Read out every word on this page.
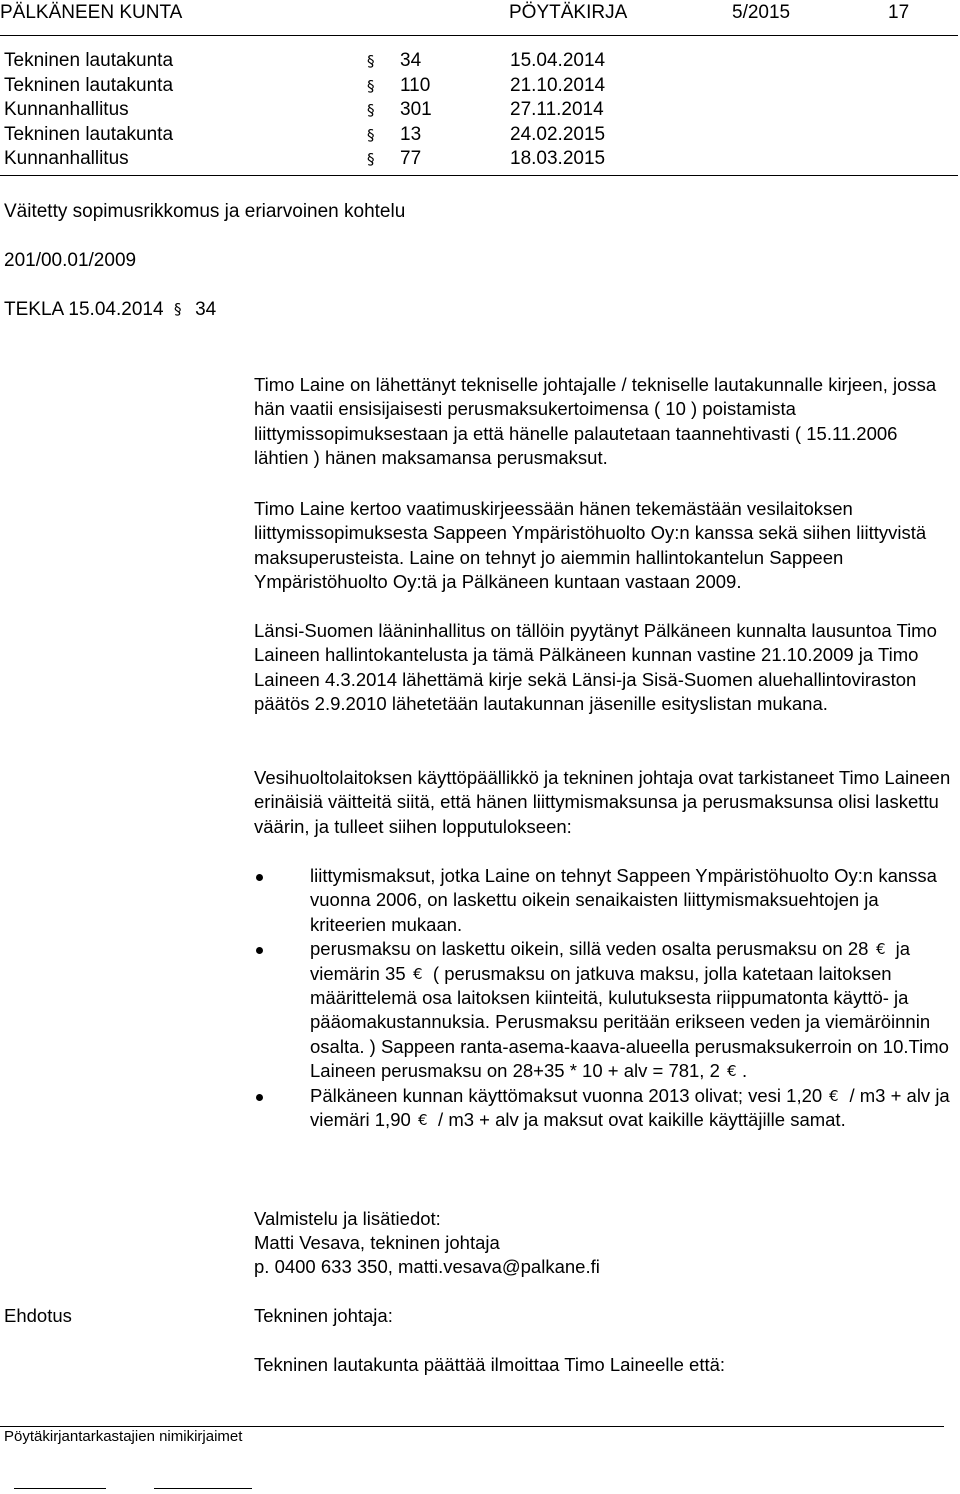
PÄLKÄNEEN KUNTA	PÖYTÄKIRJA	5/2015	17
Tekninen lautakunta	§ 34	15.04.2014
Tekninen lautakunta	§ 110	21.10.2014
Kunnanhallitus	§ 301	27.11.2014
Tekninen lautakunta	§ 13	24.02.2015
Kunnanhallitus	§ 77	18.03.2015
Väitetty sopimusrikkomus ja eriarvoinen kohtelu
201/00.01/2009
TEKLA 15.04.2014 § 34

Timo Laine on lähettänyt tekniselle johtajalle / tekniselle lautakunnalle kirjeen, jossa hän vaatii ensisijaisesti perusmaksukertoimensa ( 10 ) poistamista liittymissopimuksestaan ja että hänelle palautetaan taannehtivasti ( 15.11.2006 lähtien ) hänen maksamansa perusmaksut.

Timo Laine kertoo vaatimuskirjeessään hänen tekemästään vesilaitoksen liittymissopimuksesta Sappeen Ympäristöhuolto Oy:n kanssa sekä siihen liittyvistä maksuperusteista. Laine on tehnyt jo aiemmin hallintokantelun Sappeen Ympäristöhuolto Oy:tä ja Pälkäneen kuntaan vastaan 2009.

Länsi-Suomen lääninhallitus on tällöin pyytänyt Pälkäneen kunnalta lausuntoa Timo Laineen hallintokantelusta ja tämä Pälkäneen kunnan vastine 21.10.2009 ja Timo Laineen 4.3.2014 lähettämä kirje sekä Länsi-ja Sisä-Suomen aluehallintoviraston päätös 2.9.2010 lähetetään lautakunnan jäsenille esityslistan mukana.

Vesihuoltolaitoksen käyttöpäällikkö ja tekninen johtaja ovat tarkistaneet Timo Laineen erinäisiä väitteitä siitä, että hänen liittymismaksunsa ja perusmaksunsa olisi laskettu väärin, ja tulleet siihen lopputulokseen:

liittymismaksut, jotka Laine on tehnyt Sappeen Ympäristöhuolto Oy:n kanssa vuonna 2006, on laskettu oikein senaikaisten liittymismaksuehtojen ja kriteerien mukaan.

perusmaksu on laskettu oikein, sillä veden osalta perusmaksu on 28 € ja viemärin 35 € ( perusmaksu on jatkuva maksu, jolla katetaan laitoksen määrittelemä osa laitoksen kiinteitä, kulutuksesta riippumatonta käyttö- ja pääomakustannuksia. Perusmaksu peritään erikseen veden ja viemäröinnin osalta. ) Sappeen ranta-asema-kaava-alueella perusmaksukerroin on 10.Timo Laineen perusmaksu on 28+35 * 10 + alv = 781, 2 € .

Pälkäneen kunnan käyttömaksut vuonna 2013 olivat; vesi 1,20 € / m3 + alv ja viemäri 1,90 € / m3 + alv ja maksut ovat kaikille käyttäjille samat.

Valmistelu ja lisätiedot:
Matti Vesava, tekninen johtaja
p. 0400 633 350, matti.vesava@palkane.fi
Ehdotus	Tekninen johtaja:
Tekninen lautakunta päättää ilmoittaa Timo Laineelle että:
Pöytäkirjantarkastajien nimikirjaimet
